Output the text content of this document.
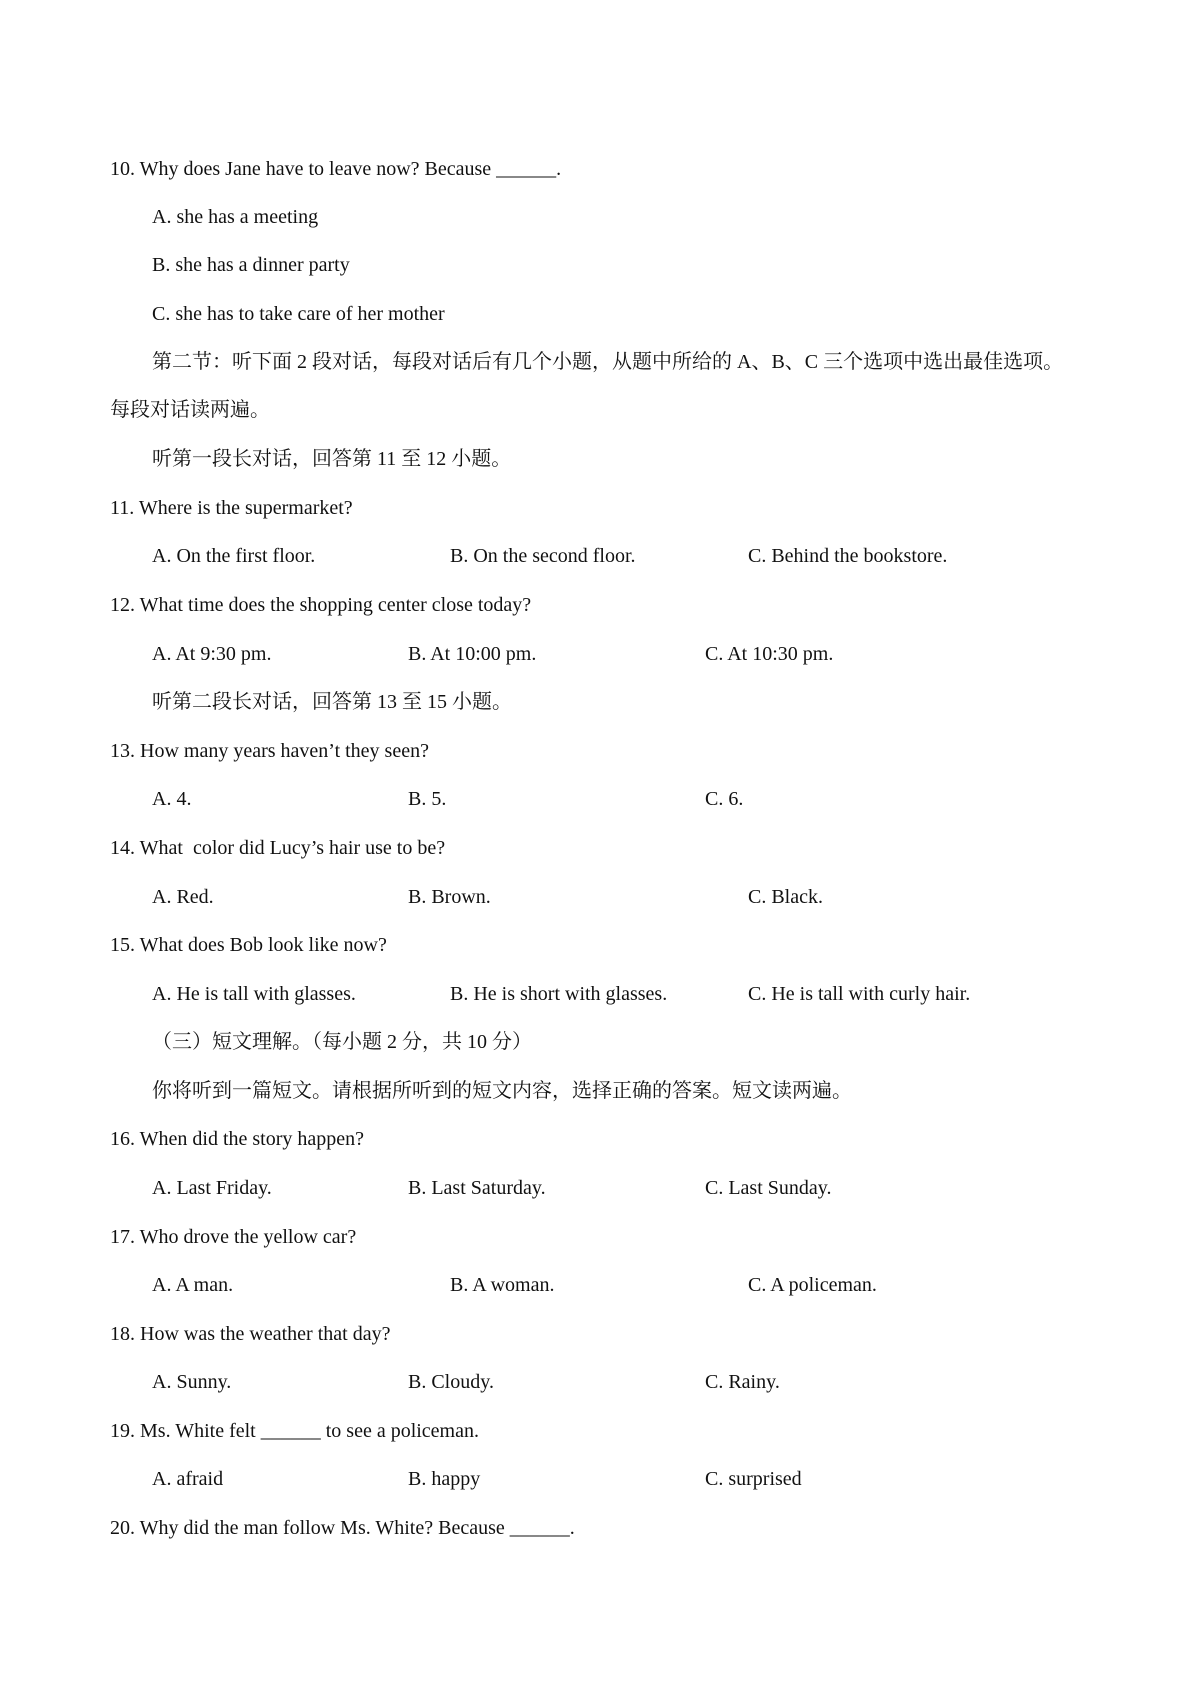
10. Why does Jane have to leave now? Because ______.
A. she has a meeting
B. she has a dinner party
C. she has to take care of her mother
第二节：听下面 2 段对话，每段对话后有几个小题，从题中所给的 A、B、C 三个选项中选出最佳选项。
每段对话读两遍。
听第一段长对话，回答第 11 至 12 小题。
11. Where is the supermarket?
A. On the first floor.	B. On the second floor.	C. Behind the bookstore.
12. What time does the shopping center close today?
A. At 9:30 pm.	B. At 10:00 pm.	C. At 10:30 pm.
听第二段长对话，回答第 13 至 15 小题。
13. How many years haven’t they seen?
A. 4.	B. 5.	C. 6.
14. What  color did Lucy’s hair use to be?
A. Red.	B. Brown.	C. Black.
15. What does Bob look like now?
A. He is tall with glasses.	B. He is short with glasses.	C. He is tall with curly hair.
（三）短文理解。（每小题 2 分，共 10 分）
你将听到一篇短文。请根据所听到的短文内容，选择正确的答案。短文读两遍。
16. When did the story happen?
A. Last Friday.	B. Last Saturday.	C. Last Sunday.
17. Who drove the yellow car?
A. A man.	B. A woman.	C. A policeman.
18. How was the weather that day?
A. Sunny.	B. Cloudy.	C. Rainy.
19. Ms. White felt ______ to see a policeman.
A. afraid	B. happy	C. surprised
20. Why did the man follow Ms. White? Because ______.
